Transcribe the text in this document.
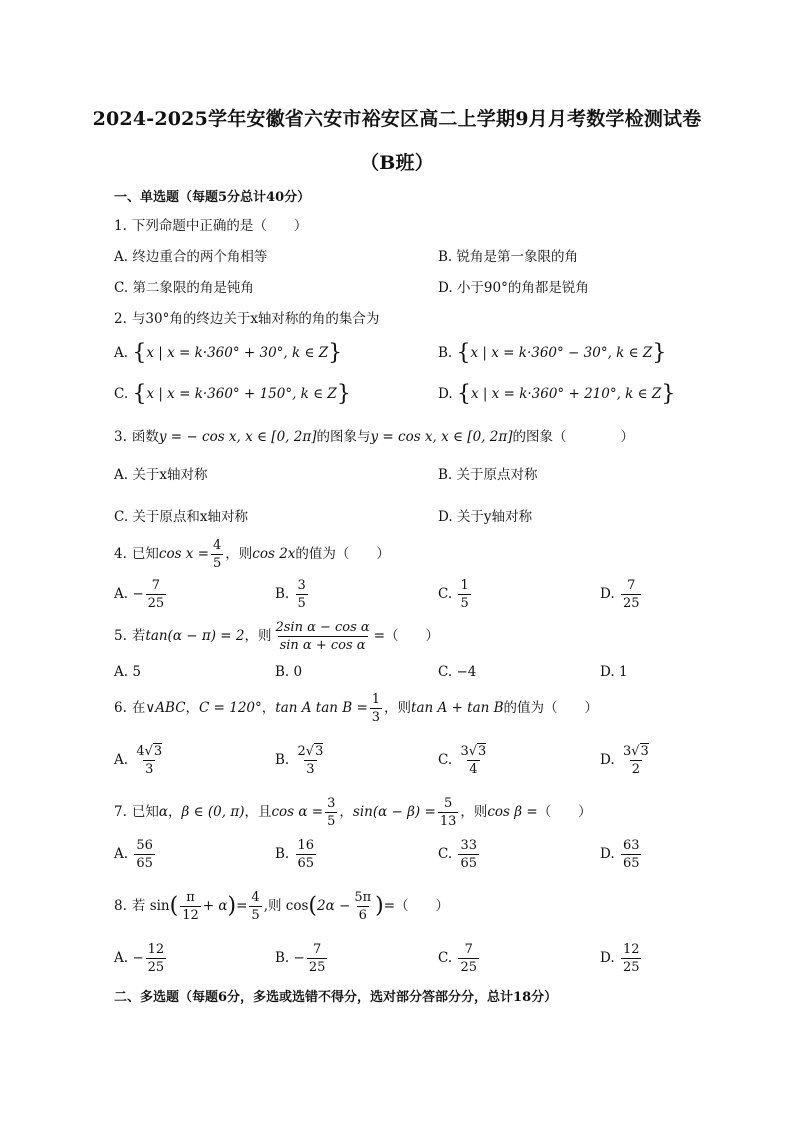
2024-2025学年安徽省六安市裕安区高二上学期9月月考数学检测试卷
（B班）
一、单选题（每题5分总计40分）
1. 下列命题中正确的是（　　）
A. 终边重合的两个角相等	B. 锐角是第一象限的角
C. 第二象限的角是钝角	D. 小于90°的角都是锐角
2. 与30°角的终边关于x轴对称的角的集合为
A. {x | x = k·360° + 30°, k ∈ Z}	B. {x | x = k·360° − 30°, k ∈ Z}
C. {x | x = k·360° + 150°, k ∈ Z}	D. {x | x = k·360° + 210°, k ∈ Z}
3. 函数y = − cos x, x ∈ [0, 2π]的图象与y = cos x, x ∈ [0, 2π]的图象（　　　　）
A. 关于x轴对称	B. 关于原点对称
C. 关于原点和x轴对称	D. 关于y轴对称
4. 已知$\cos x = \frac{4}{5}$ ，则cos 2x的值为（　　）
A. − $\frac{7}{25}$	B. $\frac{3}{5}$	C. $\frac{1}{5}$	D. $\frac{7}{25}$
5. 若tan(α − π) = 2，则 $\frac{\text{2sin α − cos α}}{\text{sin α + cos α}}$ =（　　）
A. 5	B. 0	C. −4	D. 1
6. 在∨ABC，C = 120°，tan A $\tan B = \frac{1}{3}$ ，则tan A + tan B的值为（　　）
A. $\frac{4√3}{3}$	B. $\frac{2√3}{3}$	C. $\frac{3√3}{4}$	D. $\frac{3√3}{2}$
7. 已知α，β ∈ (0, π)，且$\cos \alpha = \frac{3}{5}$ ，$\sin(\alpha - \beta) = \frac{5}{13}$ ，则cos β =（　　）
A. $\frac{56}{65}$	B. $\frac{16}{65}$	C. $\frac{33}{65}$	D. $\frac{63}{65}$
8. 若 $\sin( \frac{\pi}{12} + \alpha)= \frac{4}{5}$ ,则 $\cos(2\alpha - \frac{5\pi}{6}$ )=（　　）
A. − $\frac{12}{25}$	B. − $\frac{7}{25}$	C. $\frac{7}{25}$	D. $\frac{12}{25}$
二、多选题（每题6分，多选或选错不得分，选对部分答部分分，总计18分）
